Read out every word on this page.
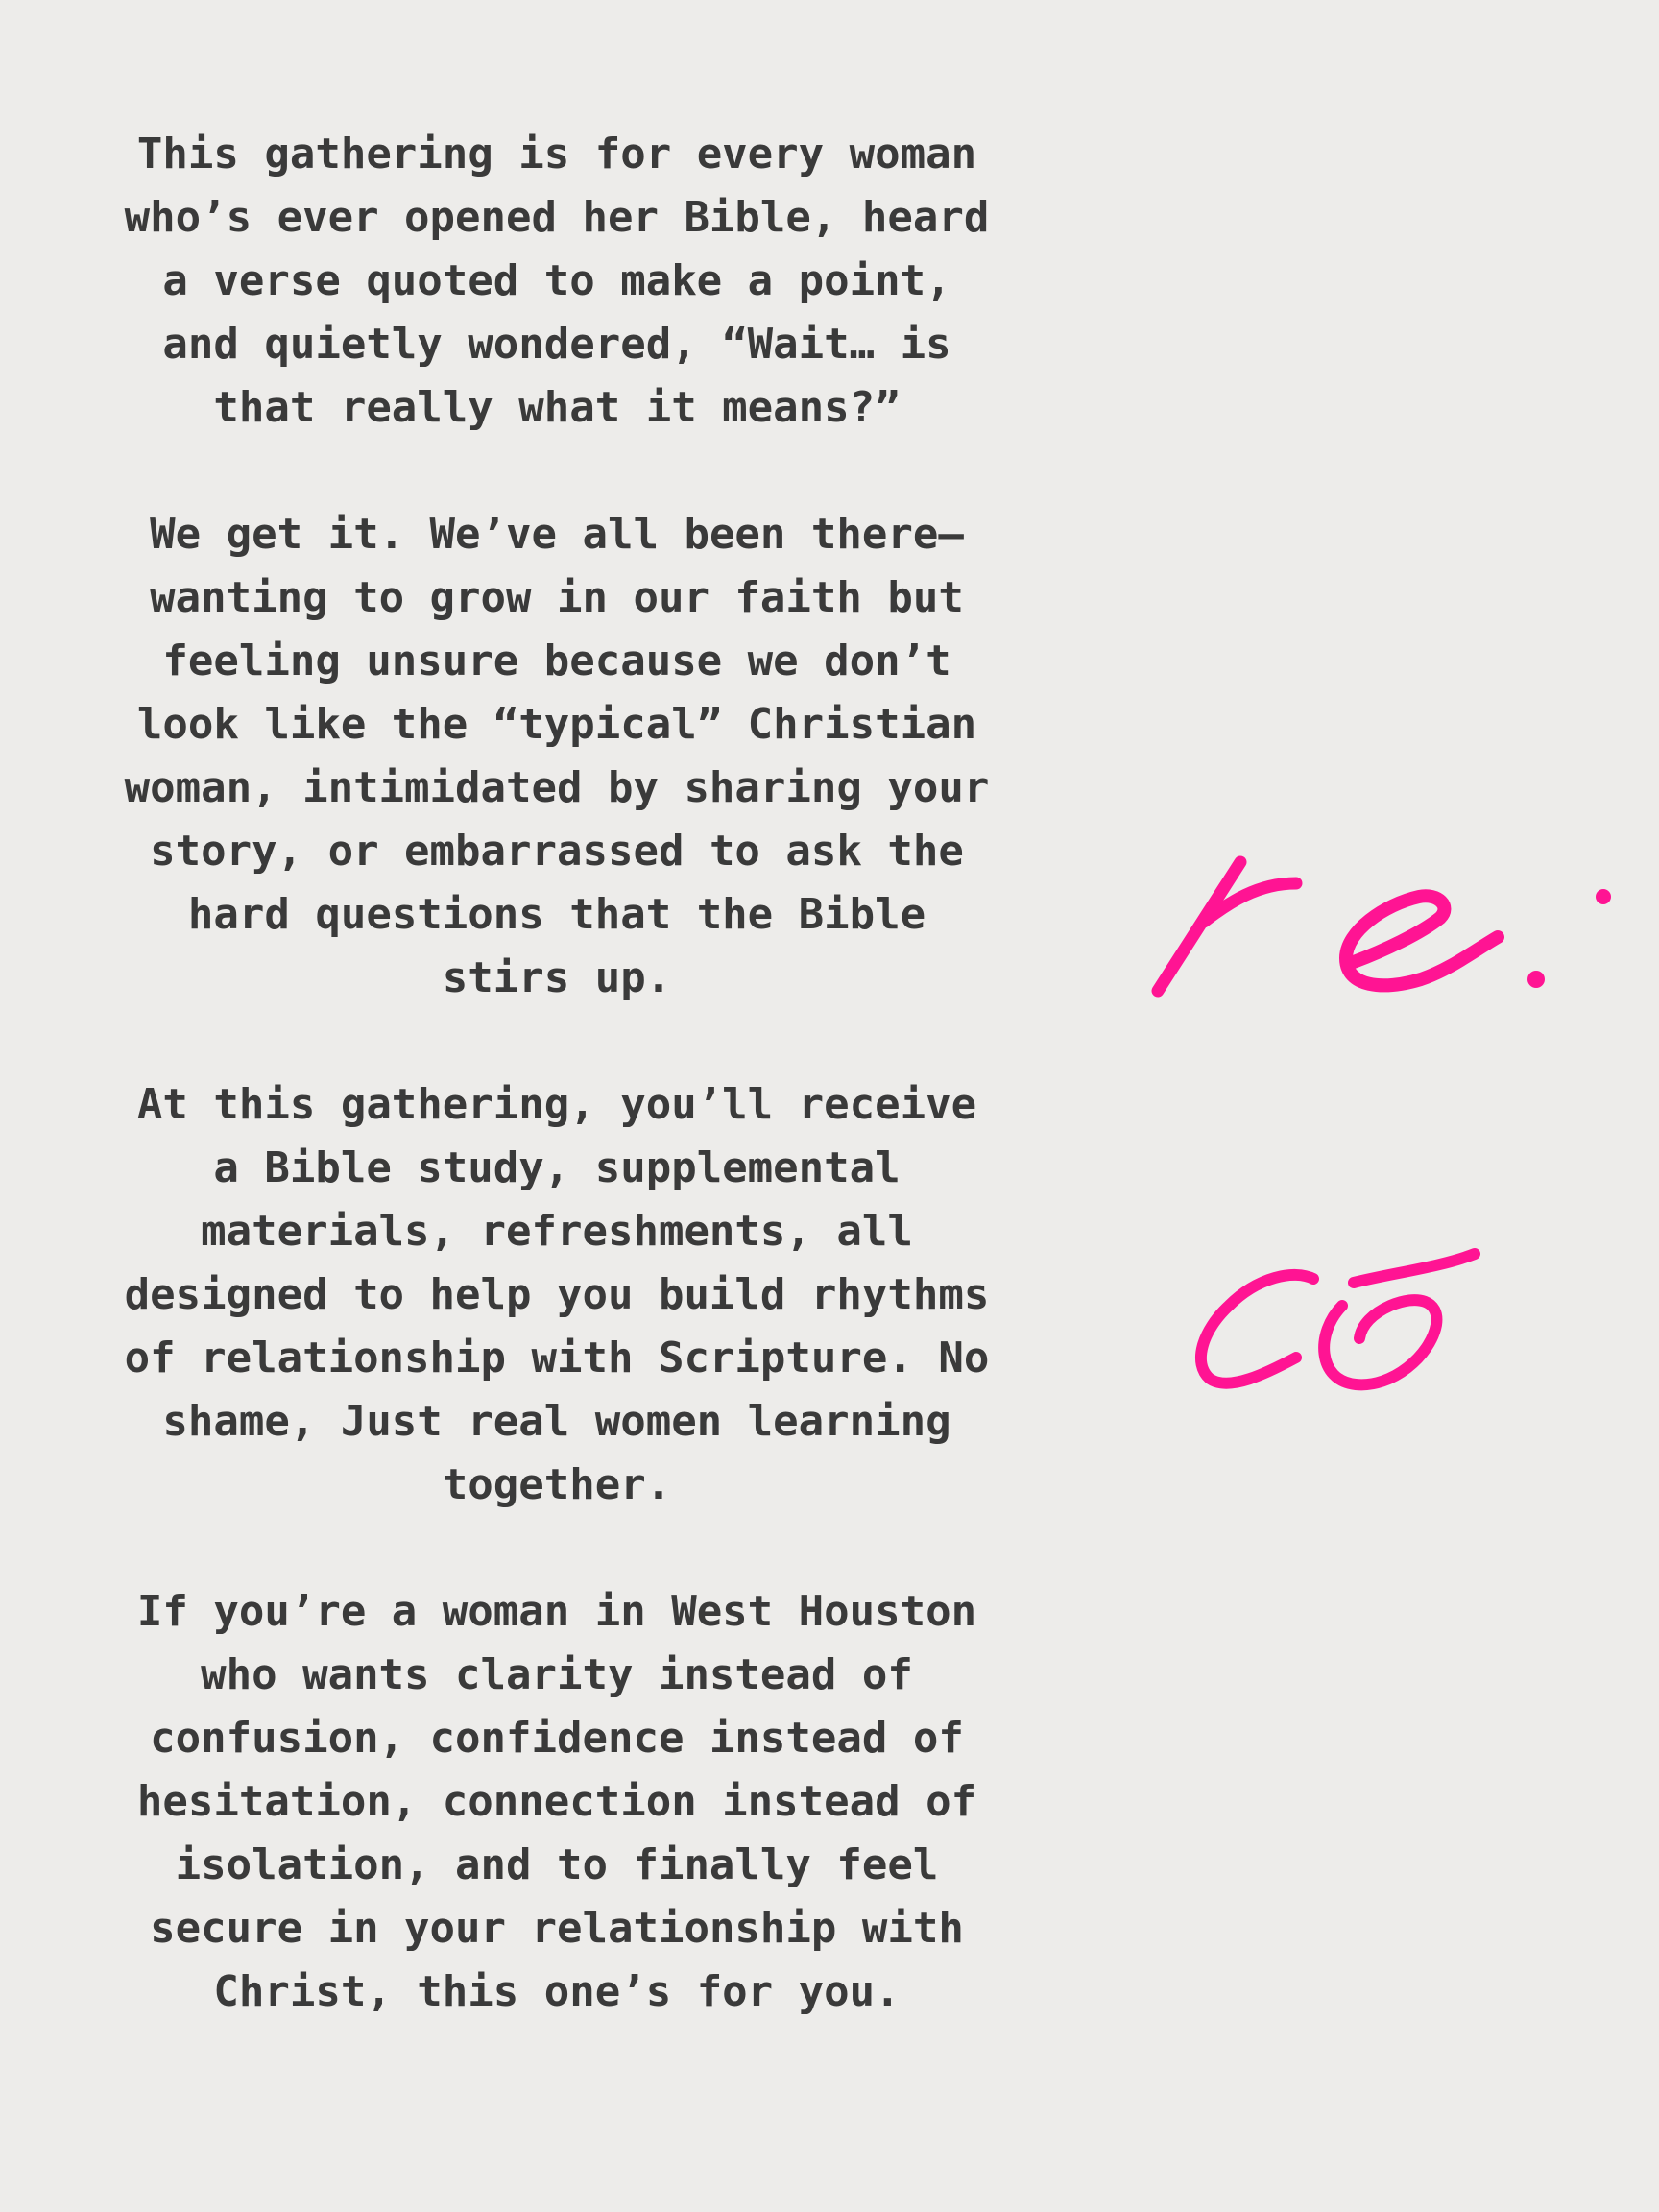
This gathering is for every woman
who’s ever opened her Bible, heard
a verse quoted to make a point,
and quietly wondered, “Wait… is
that really what it means?”

We get it. We’ve all been there—
wanting to grow in our faith but
feeling unsure because we don’t
look like the “typical” Christian
woman, intimidated by sharing your
story, or embarrassed to ask the
hard questions that the Bible
stirs up.

At this gathering, you’ll receive
a Bible study, supplemental
materials, refreshments, all
designed to help you build rhythms
of relationship with Scripture. No
shame, Just real women learning
together.

If you’re a woman in West Houston
who wants clarity instead of
confusion, confidence instead of
hesitation, connection instead of
isolation, and to finally feel
secure in your relationship with
Christ, this one’s for you.
